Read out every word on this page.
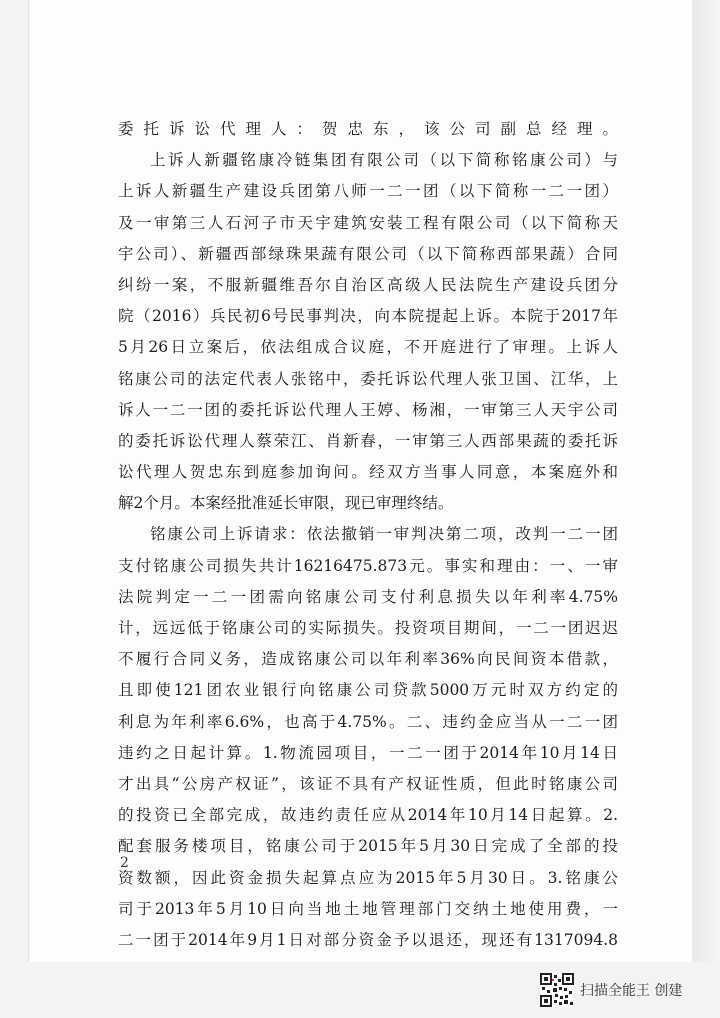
委托诉讼代理人：贺忠东，该公司副总经理。
上诉人新疆铭康冷链集团有限公司（以下简称铭康公司）与
上诉人新疆生产建设兵团第八师一二一团（以下简称一二一团）
及一审第三人石河子市天宇建筑安装工程有限公司（以下简称天
宇公司）、新疆西部绿珠果蔬有限公司（以下简称西部果蔬）合同
纠纷一案，不服新疆维吾尔自治区高级人民法院生产建设兵团分
院（2016）兵民初6号民事判决，向本院提起上诉。本院于2017年
5月26日立案后，依法组成合议庭，不开庭进行了审理。上诉人
铭康公司的法定代表人张铭中，委托诉讼代理人张卫国、江华，上
诉人一二一团的委托诉讼代理人王婷、杨湘，一审第三人天宇公司
的委托诉讼代理人蔡荣江、肖新春，一审第三人西部果蔬的委托诉
讼代理人贺忠东到庭参加询问。经双方当事人同意，本案庭外和
解2个月。本案经批准延长审限，现已审理终结。
铭康公司上诉请求：依法撤销一审判决第二项，改判一二一团
支付铭康公司损失共计16216475.873元。事实和理由：一、一审
法院判定一二一团需向铭康公司支付利息损失以年利率4.75%
计，远远低于铭康公司的实际损失。投资项目期间，一二一团迟迟
不履行合同义务，造成铭康公司以年利率36%向民间资本借款，
且即使121团农业银行向铭康公司贷款5000万元时双方约定的
利息为年利率6.6%，也高于4.75%。二、违约金应当从一二一团
违约之日起计算。1.物流园项目，一二一团于2014年10月14日
才出具“公房产权证”，该证不具有产权证性质，但此时铭康公司
的投资已全部完成，故违约责任应从2014年10月14日起算。2.
配套服务楼项目，铭康公司于2015年5月30日完成了全部的投
资数额，因此资金损失起算点应为2015年5月30日。3.铭康公
司于2013年5月10日向当地土地管理部门交纳土地使用费，一
二一团于2014年9月1日对部分资金予以退还，现还有1317094.8
2
扫描全能王 创建
